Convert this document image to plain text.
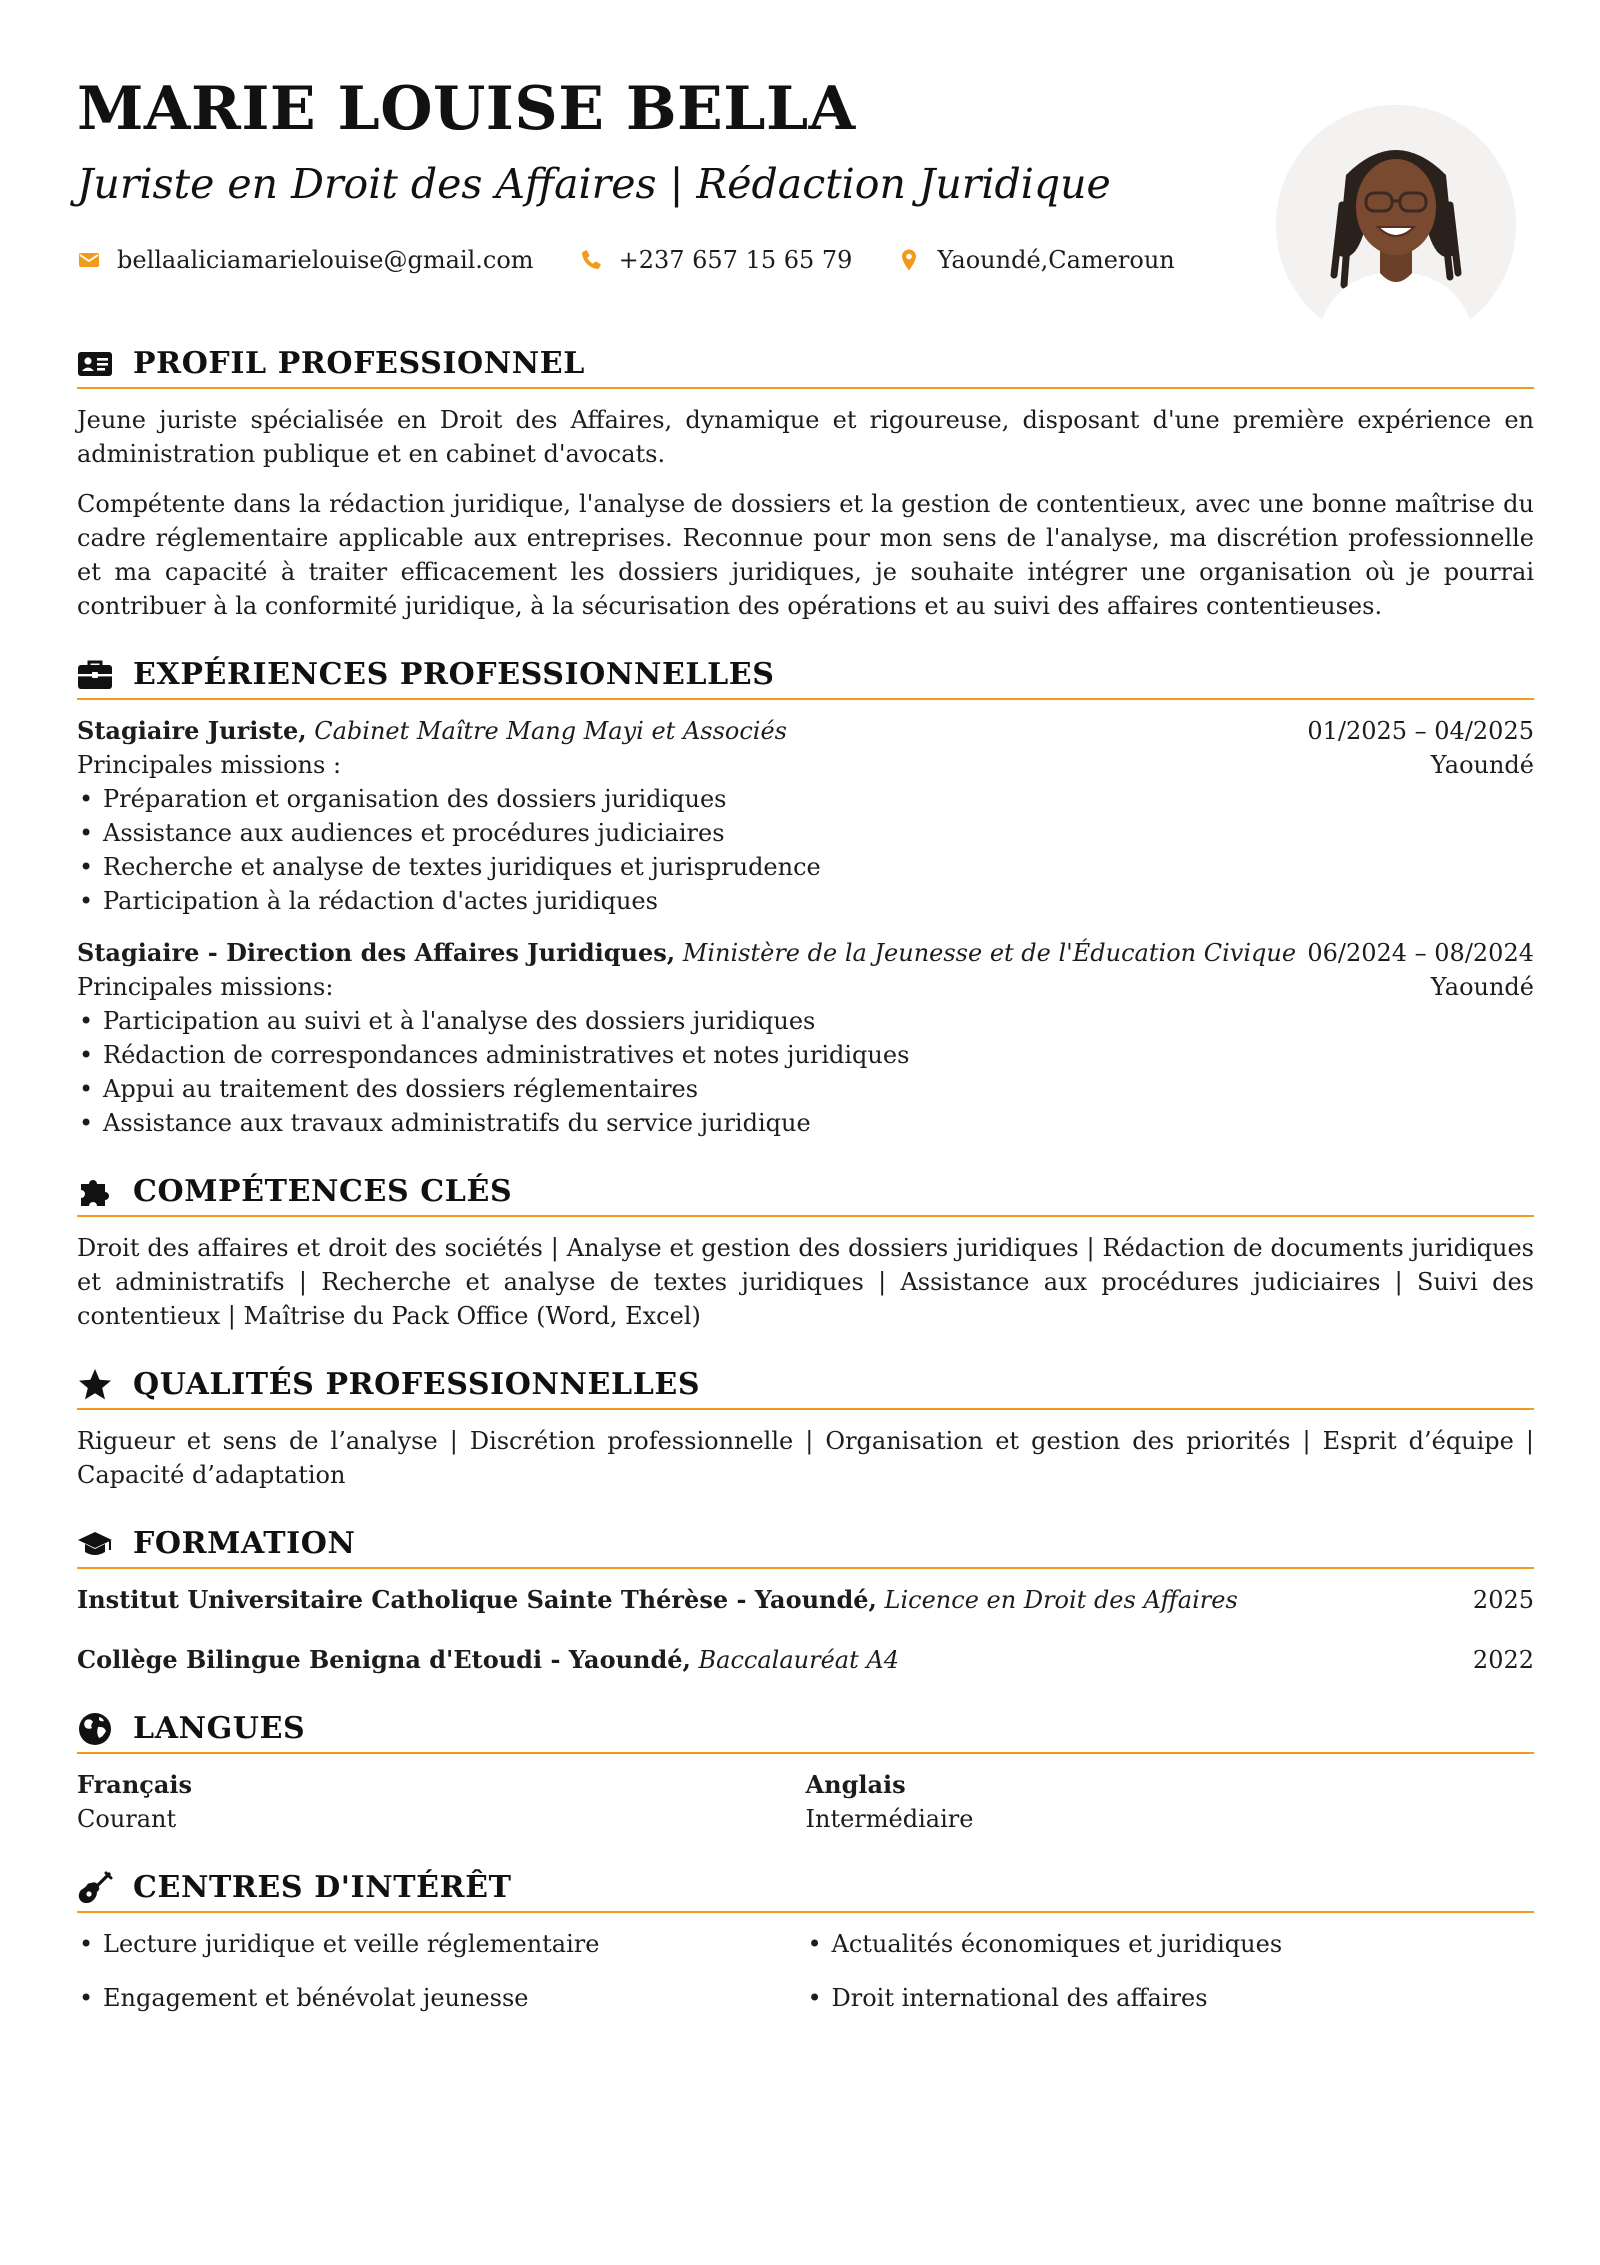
MARIE LOUISE BELLA
Juriste en Droit des Affaires | Rédaction Juridique
bellaaliciamarielouise@gmail.com	+237 657 15 65 79	Yaoundé,Cameroun
PROFIL PROFESSIONNEL

Jeune juriste spécialisée en Droit des Affaires, dynamique et rigoureuse, disposant d'une première expérience en administration publique et en cabinet d'avocats.

Compétente dans la rédaction juridique, l'analyse de dossiers et la gestion de contentieux, avec une bonne maîtrise du cadre réglementaire applicable aux entreprises. Reconnue pour mon sens de l'analyse, ma discrétion professionnelle et ma capacité à traiter efficacement les dossiers juridiques, je souhaite intégrer une organisation où je pourrai contribuer à la conformité juridique, à la sécurisation des opérations et au suivi des affaires contentieuses.

EXPÉRIENCES PROFESSIONNELLES
Stagiaire Juriste, Cabinet Maître Mang Mayi et Associés	01/2025 – 04/2025
Principales missions :	Yaoundé
• Préparation et organisation des dossiers juridiques
• Assistance aux audiences et procédures judiciaires
• Recherche et analyse de textes juridiques et jurisprudence
• Participation à la rédaction d'actes juridiques
Stagiaire - Direction des Affaires Juridiques, Ministère de la Jeunesse et de l'Éducation Civique 06/2024 – 08/2024
Principales missions:	Yaoundé
• Participation au suivi et à l'analyse des dossiers juridiques
• Rédaction de correspondances administratives et notes juridiques
• Appui au traitement des dossiers réglementaires
• Assistance aux travaux administratifs du service juridique
COMPÉTENCES CLÉS

Droit des affaires et droit des sociétés | Analyse et gestion des dossiers juridiques | Rédaction de documents juridiques et administratifs | Recherche et analyse de textes juridiques | Assistance aux procédures judiciaires | Suivi des contentieux | Maîtrise du Pack Office (Word, Excel)

QUALITÉS PROFESSIONNELLES

Rigueur et sens de l’analyse | Discrétion professionnelle | Organisation et gestion des priorités | Esprit d’équipe | Capacité d’adaptation

FORMATION
Institut Universitaire Catholique Sainte Thérèse - Yaoundé, Licence en Droit des Affaires	2025
Collège Bilingue Benigna d'Etoudi - Yaoundé, Baccalauréat A4	2022
LANGUES
Français
Courant
Anglais
Intermédiaire
CENTRES D'INTÉRÊT
• Lecture juridique et veille réglementaire
• Engagement et bénévolat jeunesse
• Actualités économiques et juridiques
• Droit international des affaires
